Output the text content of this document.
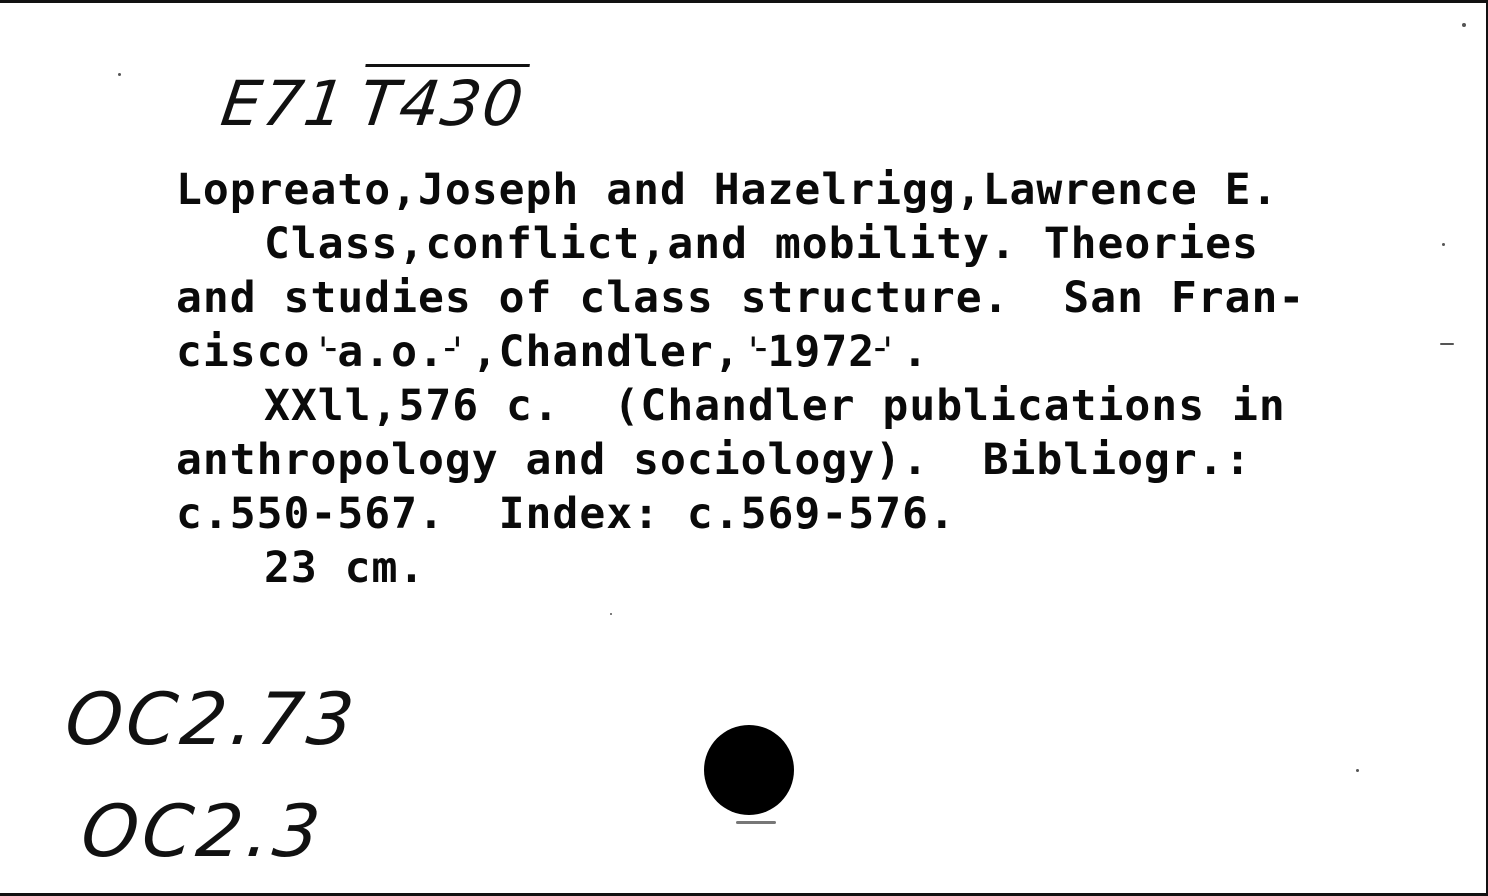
E71T430
Lopreato,Joseph and Hazelrigg,Lawrence E.
Class,conflict,and mobility. Theories
and studies of class structure.  San Fran-
cisco⌎a.o.⌏,Chandler,⌎1972⌏.
XXll,576 c.  (Chandler publications in
anthropology and sociology).  Bibliogr.:
c.550-567.  Index: c.569-576.
23 cm.
OC2.73
OC2.3
